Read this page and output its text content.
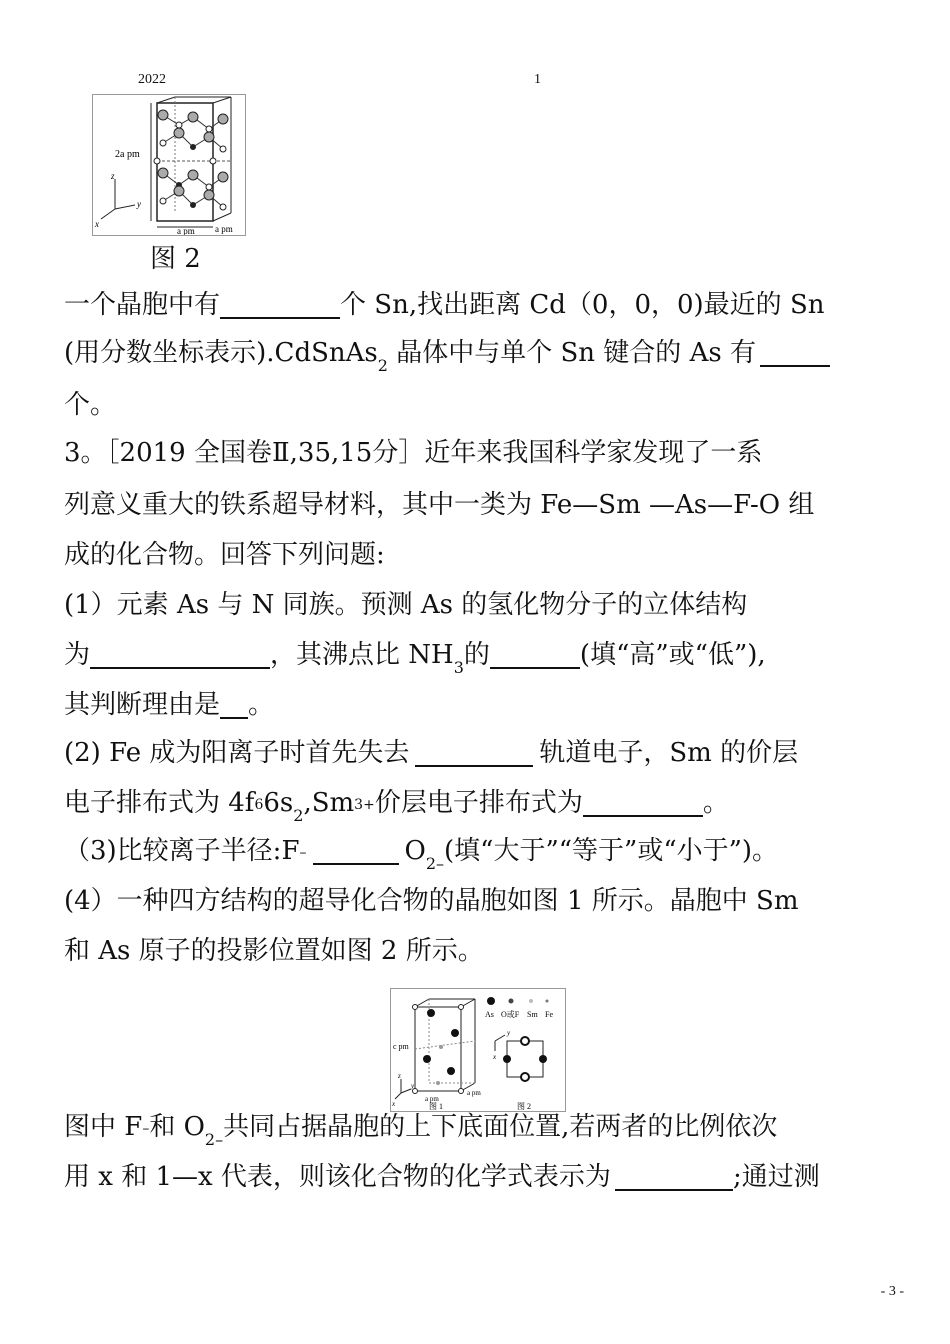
2022	1
2a pm
a pm a pm
z
y
x
图 2
一个晶胞中有	个 Sn,找出距离 Cd（0，0，0)最近的 Sn
(用分数坐标表示).CdSnAs$_2$ 晶体中与单个 Sn 键合的 As 有
个。
3。［2019 全国卷Ⅱ,35,15分］近年来我国科学家发现了一系
列意义重大的铁系超导材料，其中一类为 Fe—Sm —As—F-O 组
成的化合物。回答下列问题:
(1）元素 As 与 N 同族。预测 As 的氢化物分子的立体结构
为	，其沸点比 $NH_3$的	(填“高”或“低”),
其判断理由是 。
(2) Fe 成为阳离子时首先失去	轨道电子，Sm 的价层
电子排布式为 $4f66s_2,Sm3+$价层电子排布式为	。
（3)比较离子半径:F–	$O_{2-}$(填“大于”“等于”或“小于”)。
(4）一种四方结构的超导化合物的晶胞如图 1 所示。晶胞中 Sm
和 As 原子的投影位置如图 2 所示。
c pm
a pm
a pm
z
y
x	图 1
As O或F Sm Fe
y
x
图 2
图中 F–和 $O_{2-}$共同占据晶胞的上下底面位置,若两者的比例依次
用 x 和 1—x 代表，则该化合物的化学式表示为	;通过测
- 3 -
